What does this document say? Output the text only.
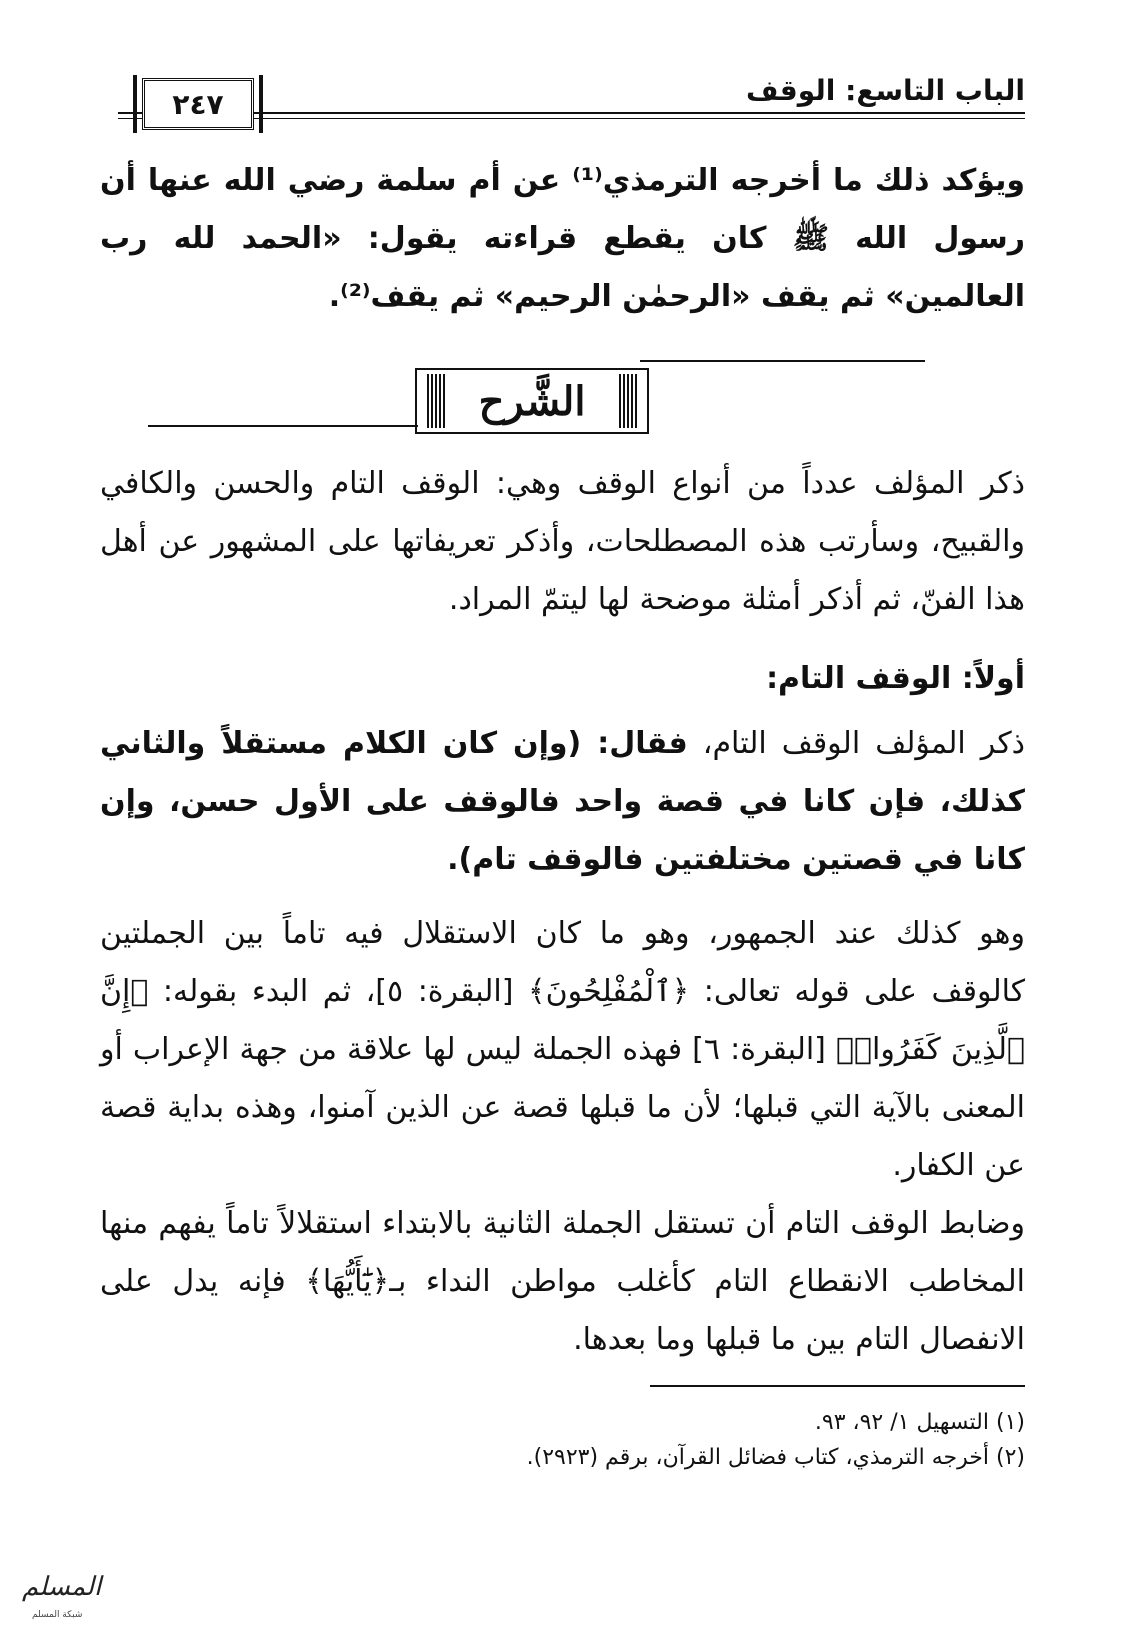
الباب التاسع: الوقف
٢٤٧
ويؤكد ذلك ما أخرجه الترمذي⁽¹⁾ عن أم سلمة رضي الله عنها أن رسول الله ﷺ كان يقطع قراءته يقول: «الحمد لله رب العالمين» ثم يقف «الرحمٰن الرحيم» ثم يقف⁽²⁾.
الشَّرح
ذكر المؤلف عدداً من أنواع الوقف وهي: الوقف التام والحسن والكافي والقبيح، وسأرتب هذه المصطلحات، وأذكر تعريفاتها على المشهور عن أهل هذا الفنّ، ثم أذكر أمثلة موضحة لها ليتمّ المراد.
أولاً: الوقف التام:
ذكر المؤلف الوقف التام، فقال: (وإن كان الكلام مستقلاً والثاني كذلك، فإن كانا في قصة واحد فالوقف على الأول حسن، وإن كانا في قصتين مختلفتين فالوقف تام).
وهو كذلك عند الجمهور، وهو ما كان الاستقلال فيه تاماً بين الجملتين كالوقف على قوله تعالى: ﴿ٱلْمُفْلِحُونَ﴾ [البقرة: ٥]، ثم البدء بقوله: ﴿إِنَّ ٱلَّذِينَ كَفَرُوا۟﴾ [البقرة: ٦] فهذه الجملة ليس لها علاقة من جهة الإعراب أو المعنى بالآية التي قبلها؛ لأن ما قبلها قصة عن الذين آمنوا، وهذه بداية قصة عن الكفار.
وضابط الوقف التام أن تستقل الجملة الثانية بالابتداء استقلالاً تاماً يفهم منها المخاطب الانقطاع التام كأغلب مواطن النداء بـ﴿يَٰٓأَيُّهَا﴾ فإنه يدل على الانفصال التام بين ما قبلها وما بعدها.
(١) التسهيل ١/ ٩٢، ٩٣.
(٢) أخرجه الترمذي، كتاب فضائل القرآن، برقم (٢٩٢٣).
المسلم
شبكة المسلم
